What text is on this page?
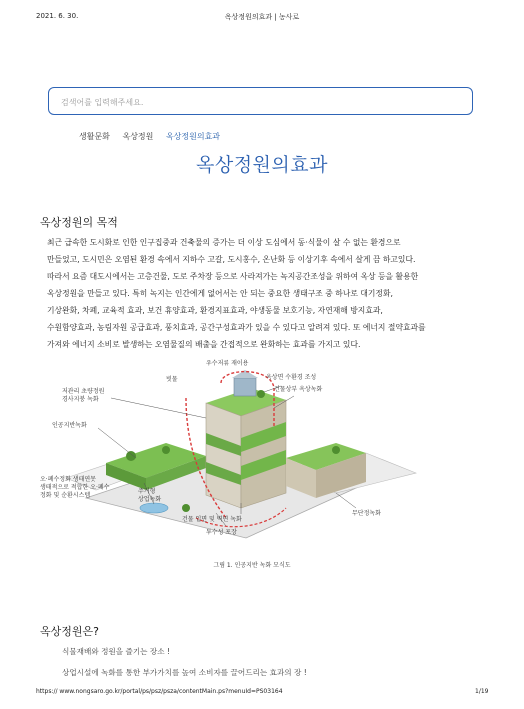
2021. 6. 30.	옥상정원의효과 | 농사로
검색어를 입력해주세요.
생활문화 옥상정원 옥상정원의효과
옥상정원의효과
옥상정원의 목적
최근 급속한 도시화로 인한 인구집중과 건축물의 증가는 더 이상 도심에서 동·식물이 살 수 없는 환경으로
만들었고, 도시민은 오염된 환경 속에서 지하수 고갈, 도시홍수, 온난화 등 이상기후 속에서 살게 끔 하고있다.
따라서 요즘 대도시에서는 고층건물, 도로 주차장 등으로 사라져가는 녹지공간조성을 위하여 옥상 등을 활용한
옥상정원을 만들고 있다. 특히 녹지는 인간에게 없어서는 안 되는 중요한 생태구조 중 하나로 대기정화,
기상완화, 차폐, 교육적 효과, 보건 휴양효과, 환경지표효과, 야생동물 보호기능, 자연재해 방지효과,
수원함양효과, 농림자원 공급효과, 풍치효과, 공간구성효과가 있을 수 있다고 알려져 있다. 또 에너지 절약효과를
가져와 에너지 소비로 발생하는 오염물질의 배출을 간접적으로 완화하는 효과를 가지고 있다.
빗물
우수저류 재이용
옥상면 수환경 조성
건물상부 옥상녹화
저관리 초량정원
경사지붕 녹화
인공지반녹화
오·폐수정화 생태연못
생태적으로 적합한 오·폐수
정화 및 순환시스템
주거형
상업녹화
건물 입면 및 벽면 녹화
투수성 포장
무단정녹화
그림 1. 인공지반 녹화 모식도
옥상정원은?
식물재배와 정원을 즐기는 장소 !
상업시설에 녹화를 통한 부가가치를 높여 소비자를 끌어드리는 효과의 장 !
https:// www.nongsaro.go.kr/portal/ps/psz/psza/contentMain.ps?menuId=PS03164	1/19
